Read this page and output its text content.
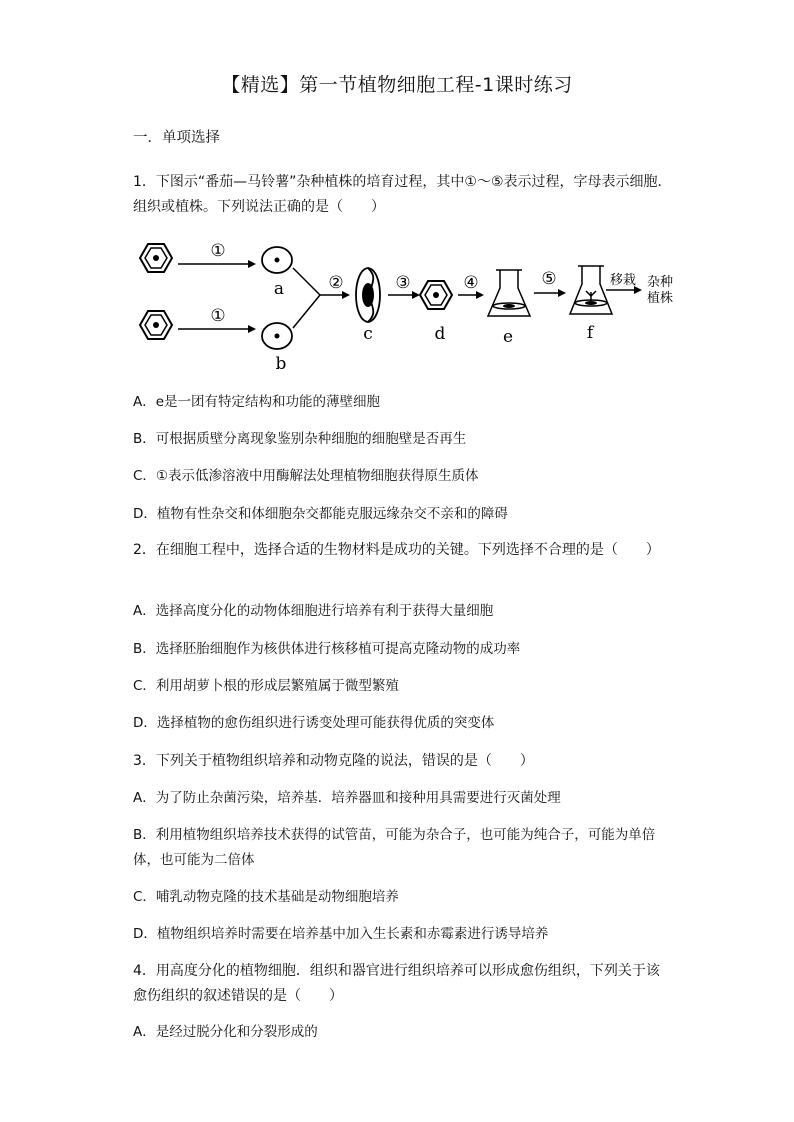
【精选】第一节植物细胞工程-1课时练习
一．单项选择
1．下图示“番茄—马铃薯”杂种植株的培育过程，其中①～⑤表示过程，字母表示细胞．组织或植株。下列说法正确的是（　　）
①
①
a
b
②
c
③
d
④
e
⑤
f
移栽 杂种
植株
A．e是一团有特定结构和功能的薄壁细胞
B．可根据质壁分离现象鉴别杂种细胞的细胞壁是否再生
C．①表示低渗溶液中用酶解法处理植物细胞获得原生质体
D．植物有性杂交和体细胞杂交都能克服远缘杂交不亲和的障碍
2．在细胞工程中，选择合适的生物材料是成功的关键。下列选择不合理的是（　　）
A．选择高度分化的动物体细胞进行培养有利于获得大量细胞
B．选择胚胎细胞作为核供体进行核移植可提高克隆动物的成功率
C．利用胡萝卜根的形成层繁殖属于微型繁殖
D．选择植物的愈伤组织进行诱变处理可能获得优质的突变体
3．下列关于植物组织培养和动物克隆的说法，错误的是（　　）
A．为了防止杂菌污染，培养基．培养器皿和接种用具需要进行灭菌处理
B．利用植物组织培养技术获得的试管苗，可能为杂合子，也可能为纯合子，可能为单倍体，也可能为二倍体
C．哺乳动物克隆的技术基础是动物细胞培养
D．植物组织培养时需要在培养基中加入生长素和赤霉素进行诱导培养
4．用高度分化的植物细胞．组织和器官进行组织培养可以形成愈伤组织，下列关于该愈伤组织的叙述错误的是（　　）
A．是经过脱分化和分裂形成的
